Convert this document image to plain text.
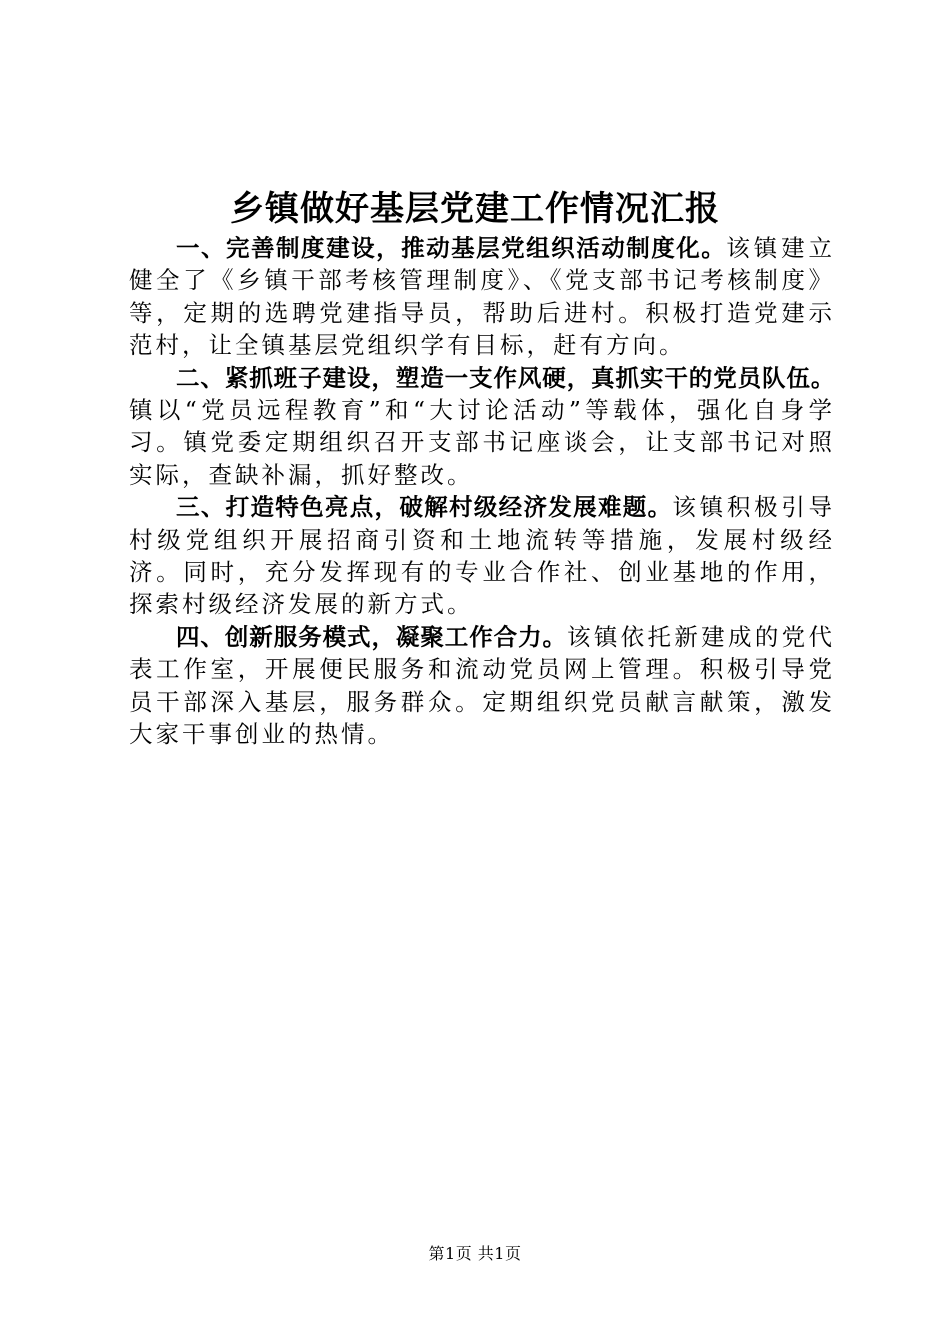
乡镇做好基层党建工作情况汇报

一、完善制度建设，推动基层党组织活动制度化。该镇建立健全了《乡镇干部考核管理制度》、《党支部书记考核制度》等，定期的选聘党建指导员，帮助后进村。积极打造党建示范村，让全镇基层党组织学有目标，赶有方向。

二、紧抓班子建设，塑造一支作风硬，真抓实干的党员队伍。镇以“党员远程教育”和“大讨论活动”等载体，强化自身学习。镇党委定期组织召开支部书记座谈会，让支部书记对照实际，查缺补漏，抓好整改。

三、打造特色亮点，破解村级经济发展难题。该镇积极引导村级党组织开展招商引资和土地流转等措施，发展村级经济。同时，充分发挥现有的专业合作社、创业基地的作用，探索村级经济发展的新方式。

四、创新服务模式，凝聚工作合力。该镇依托新建成的党代表工作室，开展便民服务和流动党员网上管理。积极引导党员干部深入基层，服务群众。定期组织党员献言献策，激发大家干事创业的热情。

第1页 共1页
